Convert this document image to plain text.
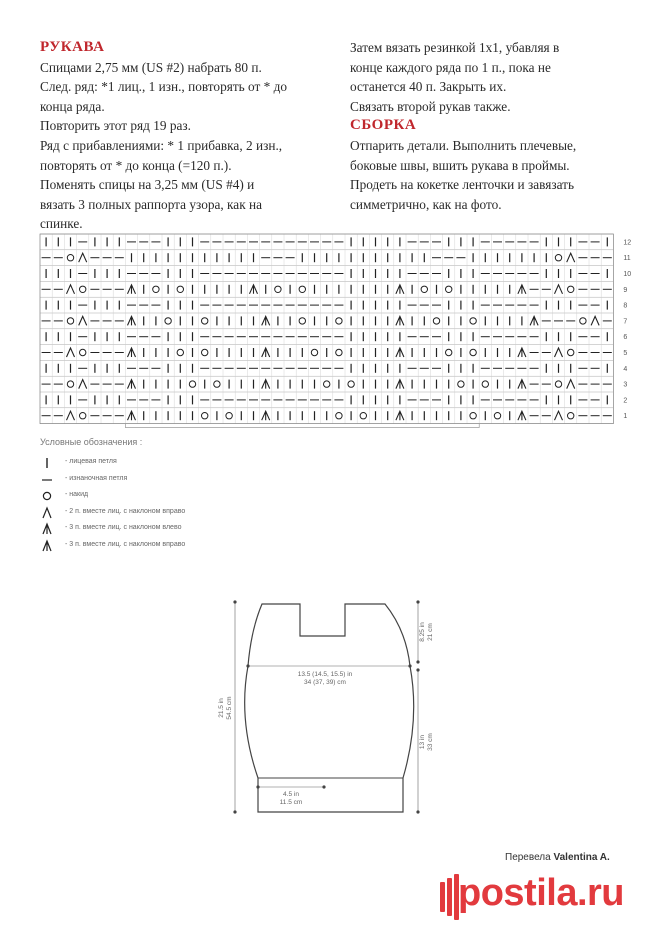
РУКАВА

Спицами 2,75 мм (US #2) набрать 80 п.

След. ряд: *1 лиц., 1 изн., повторять от * до

конца ряда.

Повторить этот ряд 19 раз.

Ряд с прибавлениями: * 1 прибавка, 2 изн.,

повторять от * до конца (=120 п.).

Поменять спицы на 3,25 мм (US #4) и

вязать 3 полных раппорта узора, как на

спинке.

Затем вязать резинкой 1х1, убавляя в

конце каждого ряда по 1 п., пока не

останется 40 п. Закрыть их.

Связать второй рукав также.

СБОРКА

Отпарить детали. Выполнить плечевые,

боковые швы, вшить рукава в проймы.

Продеть на кокетке ленточки и завязать

симметрично, как на фото.

12
11
10
9
8
7
6
5
4
3
2
1
Условные обозначения :
- лицевая петля
- изнаночная петля
- накид
- 2 п. вместе лиц. с наклоном вправо
- 3 п. вместе лиц. с наклоном влево
- 3 п. вместе лиц. с наклоном вправо
13.5 (14.5, 15.5) in
34 (37, 39) cm
4.5 in
11.5 cm
21.5 in 54.5 cm
8.25 in 21 cm
13 in 33 cm
Перевела Valentina A.
postila.ru
